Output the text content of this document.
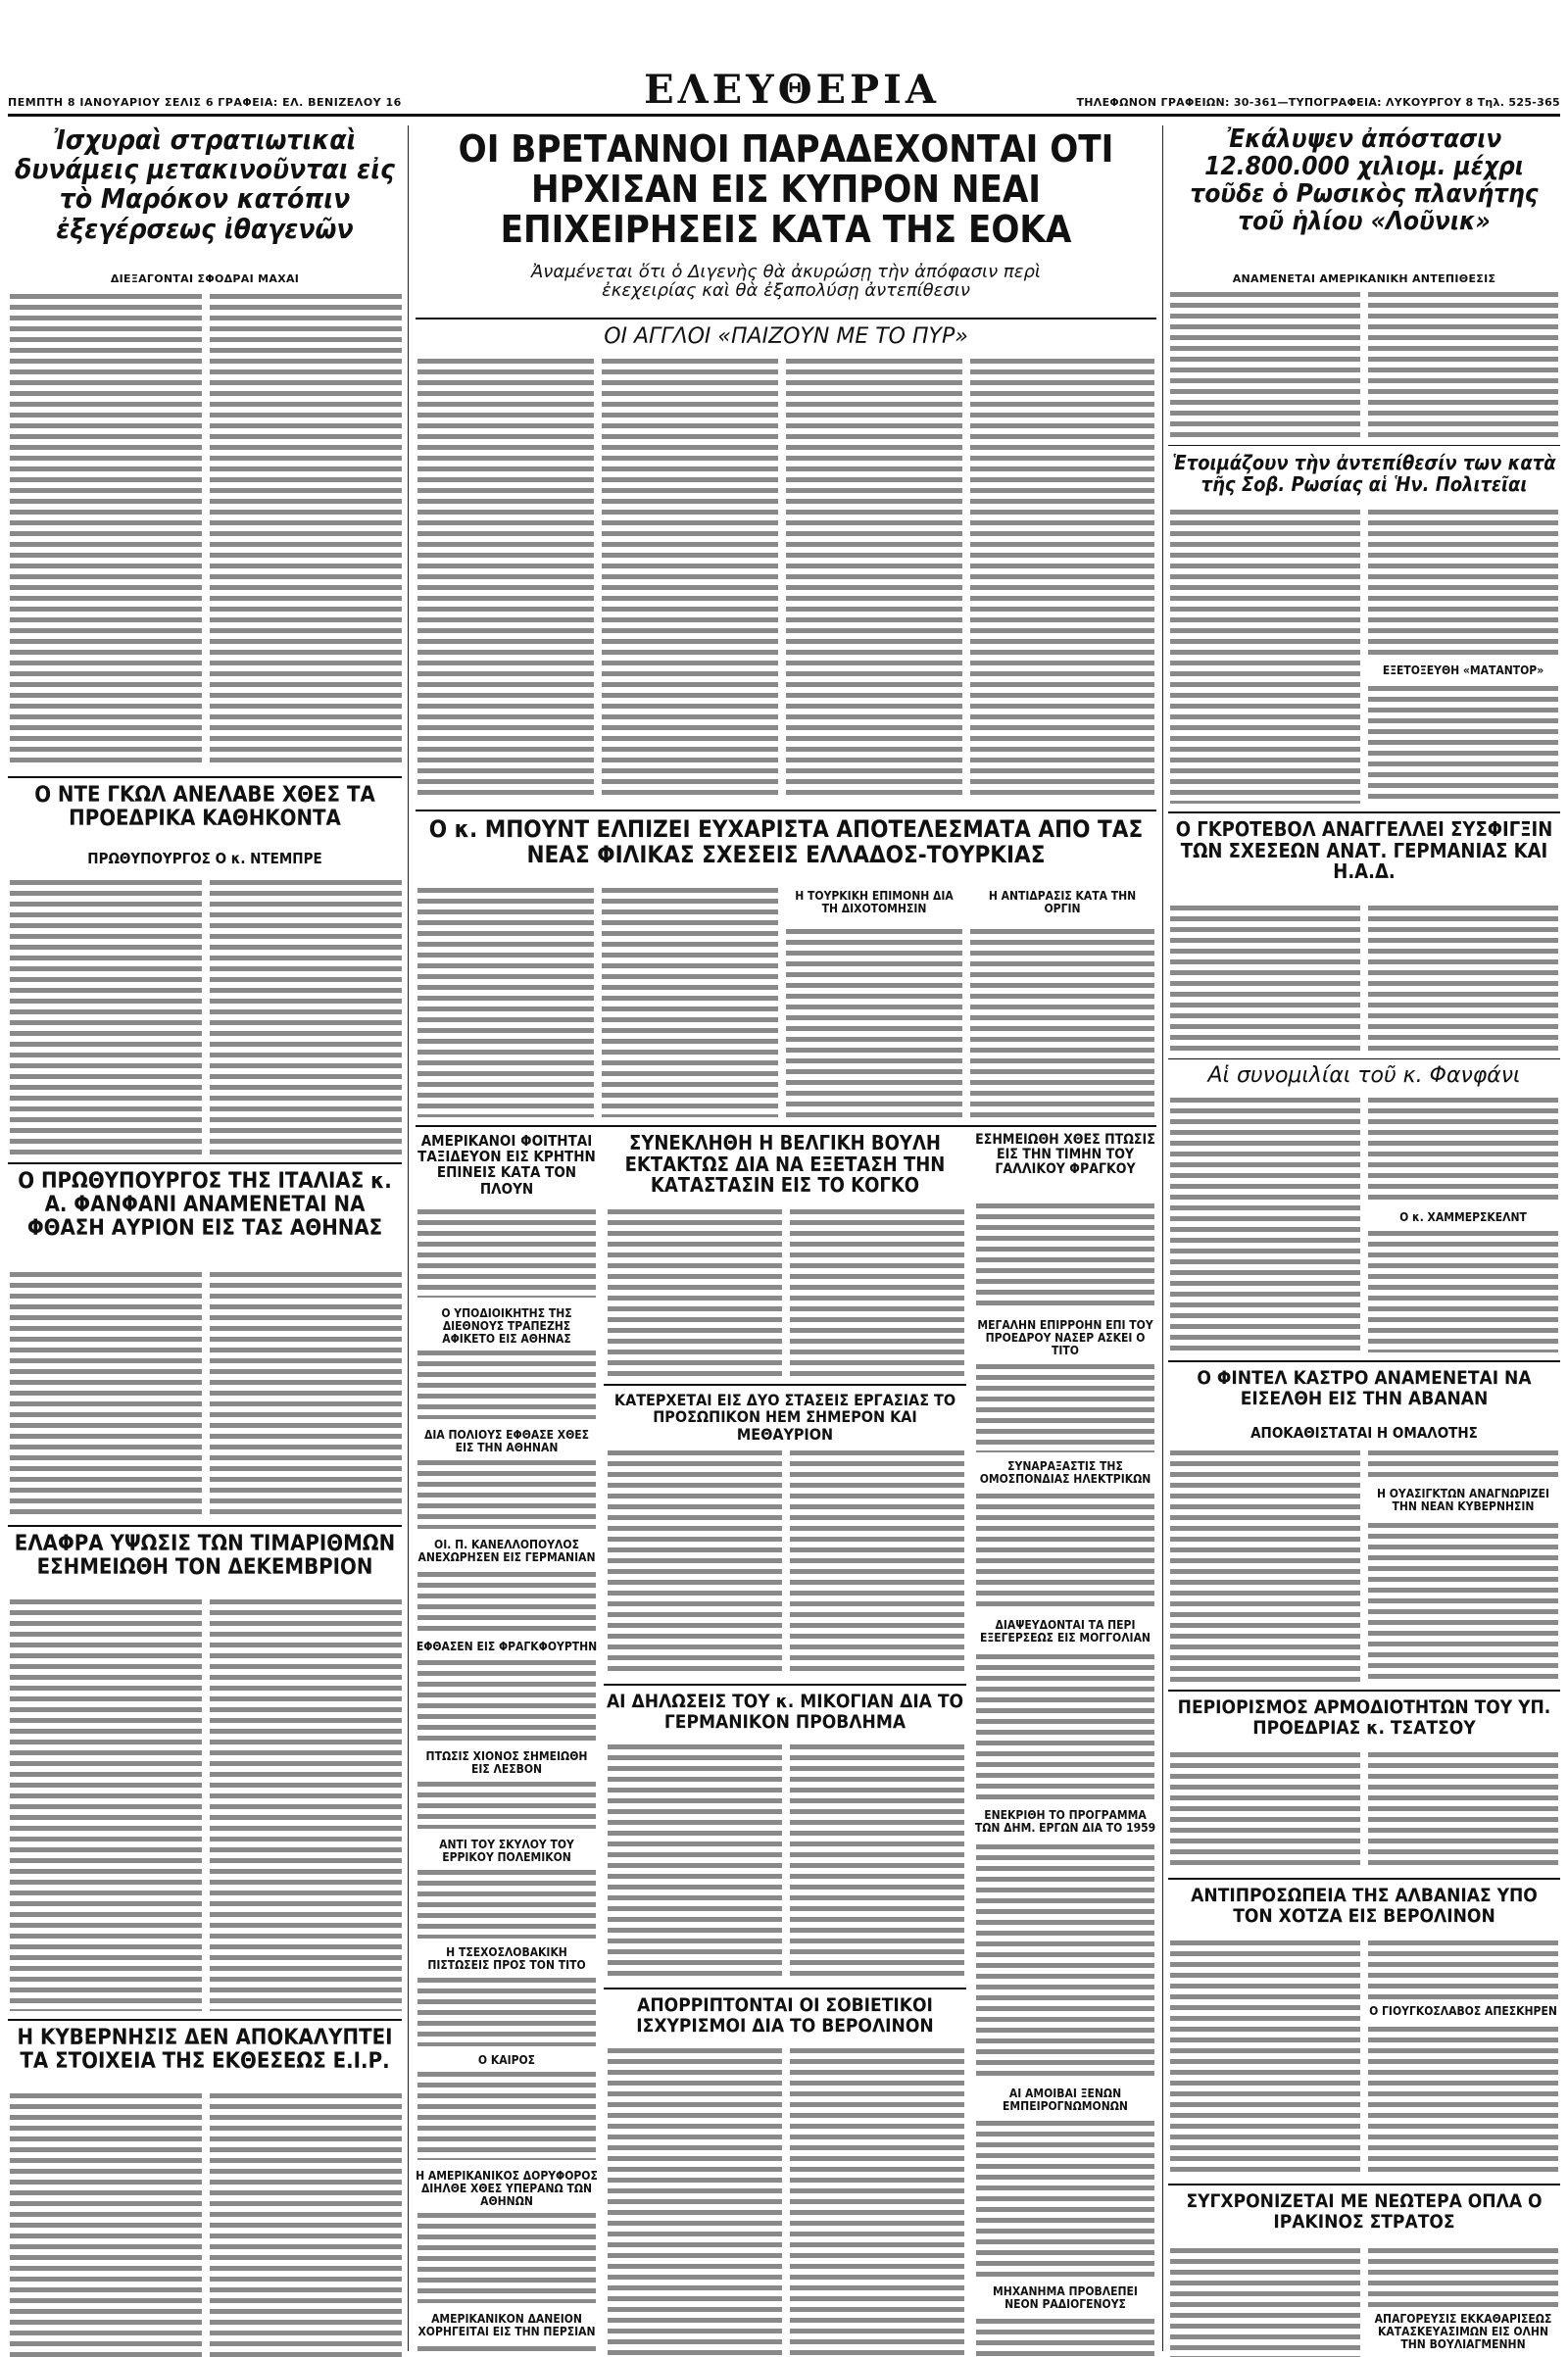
ΠΕΜΠΤΗ 8 ΙΑΝΟΥΑΡΙΟΥ ΣΕΛΙΣ 6 ΓΡΑΦΕΙΑ: ΕΛ. ΒΕΝΙΖΕΛΟΥ 16	ΕΛΕΥΘΕΡΙΑ	ΤΗΛΕΦΩΝΟΝ ΓΡΑΦΕΙΩΝ: 30-361—ΤΥΠΟΓΡΑΦΕΙΑ: ΛΥΚΟΥΡΓΟΥ 8 Τηλ. 525-365
Ἰσχυραὶ στρατιωτικαὶ δυνάμεις μετακινοῦνται εἰς τὸ Μαρόκον κατόπιν ἐξεγέρσεως ἰθαγενῶν
ΔΙΕΞΑΓΟΝΤΑΙ ΣΦΟΔΡΑΙ ΜΑΧΑΙ
Ο ΝΤΕ ΓΚΩΛ ΑΝΕΛΑΒΕ ΧΘΕΣ ΤΑ ΠΡΟΕΔΡΙΚΑ ΚΑΘΗΚΟΝΤΑ
ΠΡΩΘΥΠΟΥΡΓΟΣ Ο κ. ΝΤΕΜΠΡΕ
Ο ΠΡΩΘΥΠΟΥΡΓΟΣ ΤΗΣ ΙΤΑΛΙΑΣ κ. Α. ΦΑΝΦΑΝΙ ΑΝΑΜΕΝΕΤΑΙ ΝΑ ΦΘΑΣΗ ΑΥΡΙΟΝ ΕΙΣ ΤΑΣ ΑΘΗΝΑΣ
ΕΛΑΦΡΑ ΥΨΩΣΙΣ ΤΩΝ ΤΙΜΑΡΙΘΜΩΝ ΕΣΗΜΕΙΩΘΗ ΤΟΝ ΔΕΚΕΜΒΡΙΟΝ
Η ΚΥΒΕΡΝΗΣΙΣ ΔΕΝ ΑΠΟΚΑΛΥΠΤΕΙ ΤΑ ΣΤΟΙΧΕΙΑ ΤΗΣ ΕΚΘΕΣΕΩΣ Ε.Ι.Ρ.
ΟΙ ΒΡΕΤΑΝΝΟΙ ΠΑΡΑΔΕΧΟΝΤΑΙ ΟΤΙ ΗΡΧΙΣΑΝ ΕΙΣ ΚΥΠΡΟΝ ΝΕΑΙ ΕΠΙΧΕΙΡΗΣΕΙΣ ΚΑΤΑ ΤΗΣ ΕΟΚΑ
Ἀναμένεται ὅτι ὁ Διγενὴς θὰ ἀκυρώσῃ τὴν ἀπόφασιν περὶ ἐκεχειρίας καὶ θὰ ἐξαπολύσῃ ἀντεπίθεσιν
ΟΙ ΑΓΓΛΟΙ «ΠΑΙΖΟΥΝ ΜΕ ΤΟ ΠΥΡ»
Ο κ. ΜΠΟΥΝΤ ΕΛΠΙΖΕΙ ΕΥΧΑΡΙΣΤΑ ΑΠΟΤΕΛΕΣΜΑΤΑ ΑΠΟ ΤΑΣ ΝΕΑΣ ΦΙΛΙΚΑΣ ΣΧΕΣΕΙΣ ΕΛΛΑΔΟΣ-ΤΟΥΡΚΙΑΣ
Η ΤΟΥΡΚΙΚΗ ΕΠΙΜΟΝΗ ΔΙΑ ΤΗ ΔΙΧΟΤΟΜΗΣΙΝ
Η ΑΝΤΙΔΡΑΣΙΣ ΚΑΤΑ ΤΗΝ ΟΡΓΙΝ
ΑΜΕΡΙΚΑΝΟΙ ΦΟΙΤΗΤΑΙ ΤΑΞΙΔΕΥΟΝ ΕΙΣ ΚΡΗΤΗΝ ΕΠΙΝΕΙΣ ΚΑΤΑ ΤΟΝ ΠΛΟΥΝ
Ο ΥΠΟΔΙΟΙΚΗΤΗΣ ΤΗΣ ΔΙΕΘΝΟΥΣ ΤΡΑΠΕΖΗΣ ΑΦΙΚΕΤΟ ΕΙΣ ΑΘΗΝΑΣ
ΔΙΑ ΠΟΛΙΟΥΣ ΕΦΘΑΣΕ ΧΘΕΣ ΕΙΣ ΤΗΝ ΑΘΗΝΑΝ
ΟΙ. Π. ΚΑΝΕΛΛΟΠΟΥΛΟΣ ΑΝΕΧΩΡΗΣΕΝ ΕΙΣ ΓΕΡΜΑΝΙΑΝ
ΕΦΘΑΣΕΝ ΕΙΣ ΦΡΑΓΚΦΟΥΡΤΗΝ
ΠΤΩΣΙΣ ΧΙΟΝΟΣ ΣΗΜΕΙΩΘΗ ΕΙΣ ΛΕΣΒΟΝ
ΑΝΤΙ ΤΟΥ ΣΚΥΛΟΥ ΤΟΥ ΕΡΡΙΚΟΥ ΠΟΛΕΜΙΚΟΝ
Η ΤΣΕΧΟΣΛΟΒΑΚΙΚΗ ΠΙΣΤΩΣΕΙΣ ΠΡΟΣ ΤΟΝ ΤΙΤΟ
Ο ΚΑΙΡΟΣ
Η ΑΜΕΡΙΚΑΝΙΚΟΣ ΔΟΡΥΦΟΡΟΣ ΔΙΗΛΘΕ ΧΘΕΣ ΥΠΕΡΑΝΩ ΤΩΝ ΑΘΗΝΩΝ
ΑΜΕΡΙΚΑΝΙΚΟΝ ΔΑΝΕΙΟΝ ΧΟΡΗΓΕΙΤΑΙ ΕΙΣ ΤΗΝ ΠΕΡΣΙΑΝ
ΣΥΝΕΚΛΗΘΗ Η ΒΕΛΓΙΚΗ ΒΟΥΛΗ ΕΚΤΑΚΤΩΣ ΔΙΑ ΝΑ ΕΞΕΤΑΣΗ ΤΗΝ ΚΑΤΑΣΤΑΣΙΝ ΕΙΣ ΤΟ ΚΟΓΚΟ
ΚΑΤΕΡΧΕΤΑΙ ΕΙΣ ΔΥΟ ΣΤΑΣΕΙΣ ΕΡΓΑΣΙΑΣ ΤΟ ΠΡΟΣΩΠΙΚΟΝ ΗΕΜ ΣΗΜΕΡΟΝ ΚΑΙ ΜΕΘΑΥΡΙΟΝ
ΑΙ ΔΗΛΩΣΕΙΣ ΤΟΥ κ. ΜΙΚΟΓΙΑΝ ΔΙΑ ΤΟ ΓΕΡΜΑΝΙΚΟΝ ΠΡΟΒΛΗΜΑ
ΑΠΟΡΡΙΠΤΟΝΤΑΙ ΟΙ ΣΟΒΙΕΤΙΚΟΙ ΙΣΧΥΡΙΣΜΟΙ ΔΙΑ ΤΟ ΒΕΡΟΛΙΝΟΝ
ΕΣΗΜΕΙΩΘΗ ΧΘΕΣ ΠΤΩΣΙΣ ΕΙΣ ΤΗΝ ΤΙΜΗΝ ΤΟΥ ΓΑΛΛΙΚΟΥ ΦΡΑΓΚΟΥ
ΜΕΓΑΛΗΝ ΕΠΙΡΡΟΗΝ ΕΠΙ ΤΟΥ ΠΡΟΕΔΡΟΥ ΝΑΣΕΡ ΑΣΚΕΙ Ο ΤΙΤΟ
ΣΥΝΑΡΑΞΑΣΤΙΣ ΤΗΣ ΟΜΟΣΠΟΝΔΙΑΣ ΗΛΕΚΤΡΙΚΩΝ
ΔΙΑΨΕΥΔΟΝΤΑΙ ΤΑ ΠΕΡΙ ΕΞΕΓΕΡΣΕΩΣ ΕΙΣ ΜΟΓΓΟΛΙΑΝ
ΕΝΕΚΡΙΘΗ ΤΟ ΠΡΟΓΡΑΜΜΑ ΤΩΝ ΔΗΜ. ΕΡΓΩΝ ΔΙΑ ΤΟ 1959
ΑΙ ΑΜΟΙΒΑΙ ΞΕΝΩΝ ΕΜΠΕΙΡΟΓΝΩΜΟΝΩΝ
ΜΗΧΑΝΗΜΑ ΠΡΟΒΛΕΠΕΙ ΝΕΟΝ ΡΑΔΙΟΓΕΝΟΥΣ
Ἐκάλυψεν ἀπόστασιν 12.800.000 χιλιομ. μέχρι τοῦδε ὁ Ρωσικὸς πλανήτης τοῦ ἡλίου «Λοῦνικ»
ΑΝΑΜΕΝΕΤΑΙ ΑΜΕΡΙΚΑΝΙΚΗ ΑΝΤΕΠΙΘΕΣΙΣ
Ἑτοιμάζουν τὴν ἀντεπίθεσίν των κατὰ τῆς Σοβ. Ρωσίας αἱ Ἡν. Πολιτεῖαι
ΕΞΕΤΟΞΕΥΘΗ «ΜΑΤΑΝΤΟΡ»
Ο ΓΚΡΟΤΕΒΟΛ ΑΝΑΓΓΕΛΛΕΙ ΣΥΣΦΙΓΞΙΝ ΤΩΝ ΣΧΕΣΕΩΝ ΑΝΑΤ. ΓΕΡΜΑΝΙΑΣ ΚΑΙ Η.Α.Δ.
Αἱ συνομιλίαι τοῦ κ. Φανφάνι
Ο κ. ΧΑΜΜΕΡΣΚΕΛΝΤ
Ο ΦΙΝΤΕΛ ΚΑΣΤΡΟ ΑΝΑΜΕΝΕΤΑΙ ΝΑ ΕΙΣΕΛΘΗ ΕΙΣ ΤΗΝ ΑΒΑΝΑΝ
ΑΠΟΚΑΘΙΣΤΑΤΑΙ Η ΟΜΑΛΟΤΗΣ
Η ΟΥΑΣΙΓΚΤΩΝ ΑΝΑΓΝΩΡΙΖΕΙ ΤΗΝ ΝΕΑΝ ΚΥΒΕΡΝΗΣΙΝ
ΠΕΡΙΟΡΙΣΜΟΣ ΑΡΜΟΔΙΟΤΗΤΩΝ ΤΟΥ ΥΠ. ΠΡΟΕΔΡΙΑΣ κ. ΤΣΑΤΣΟΥ
ΑΝΤΙΠΡΟΣΩΠΕΙΑ ΤΗΣ ΑΛΒΑΝΙΑΣ ΥΠΟ ΤΟΝ ΧΟΤΖΑ ΕΙΣ ΒΕΡΟΛΙΝΟΝ
Ο ΓΙΟΥΓΚΟΣΛΑΒΟΣ ΑΠΕΣΚΗΡΕΝ
ΣΥΓΧΡΟΝΙΖΕΤΑΙ ΜΕ ΝΕΩΤΕΡΑ ΟΠΛΑ Ο ΙΡΑΚΙΝΟΣ ΣΤΡΑΤΟΣ
ΑΠΑΓΟΡΕΥΣΙΣ ΕΚΚΑΘΑΡΙΣΕΩΣ ΚΑΤΑΣΚΕΥΑΣΙΜΩΝ ΕΙΣ ΟΛΗΝ ΤΗΝ ΒΟΥΛΙΑΓΜΕΝΗΝ
